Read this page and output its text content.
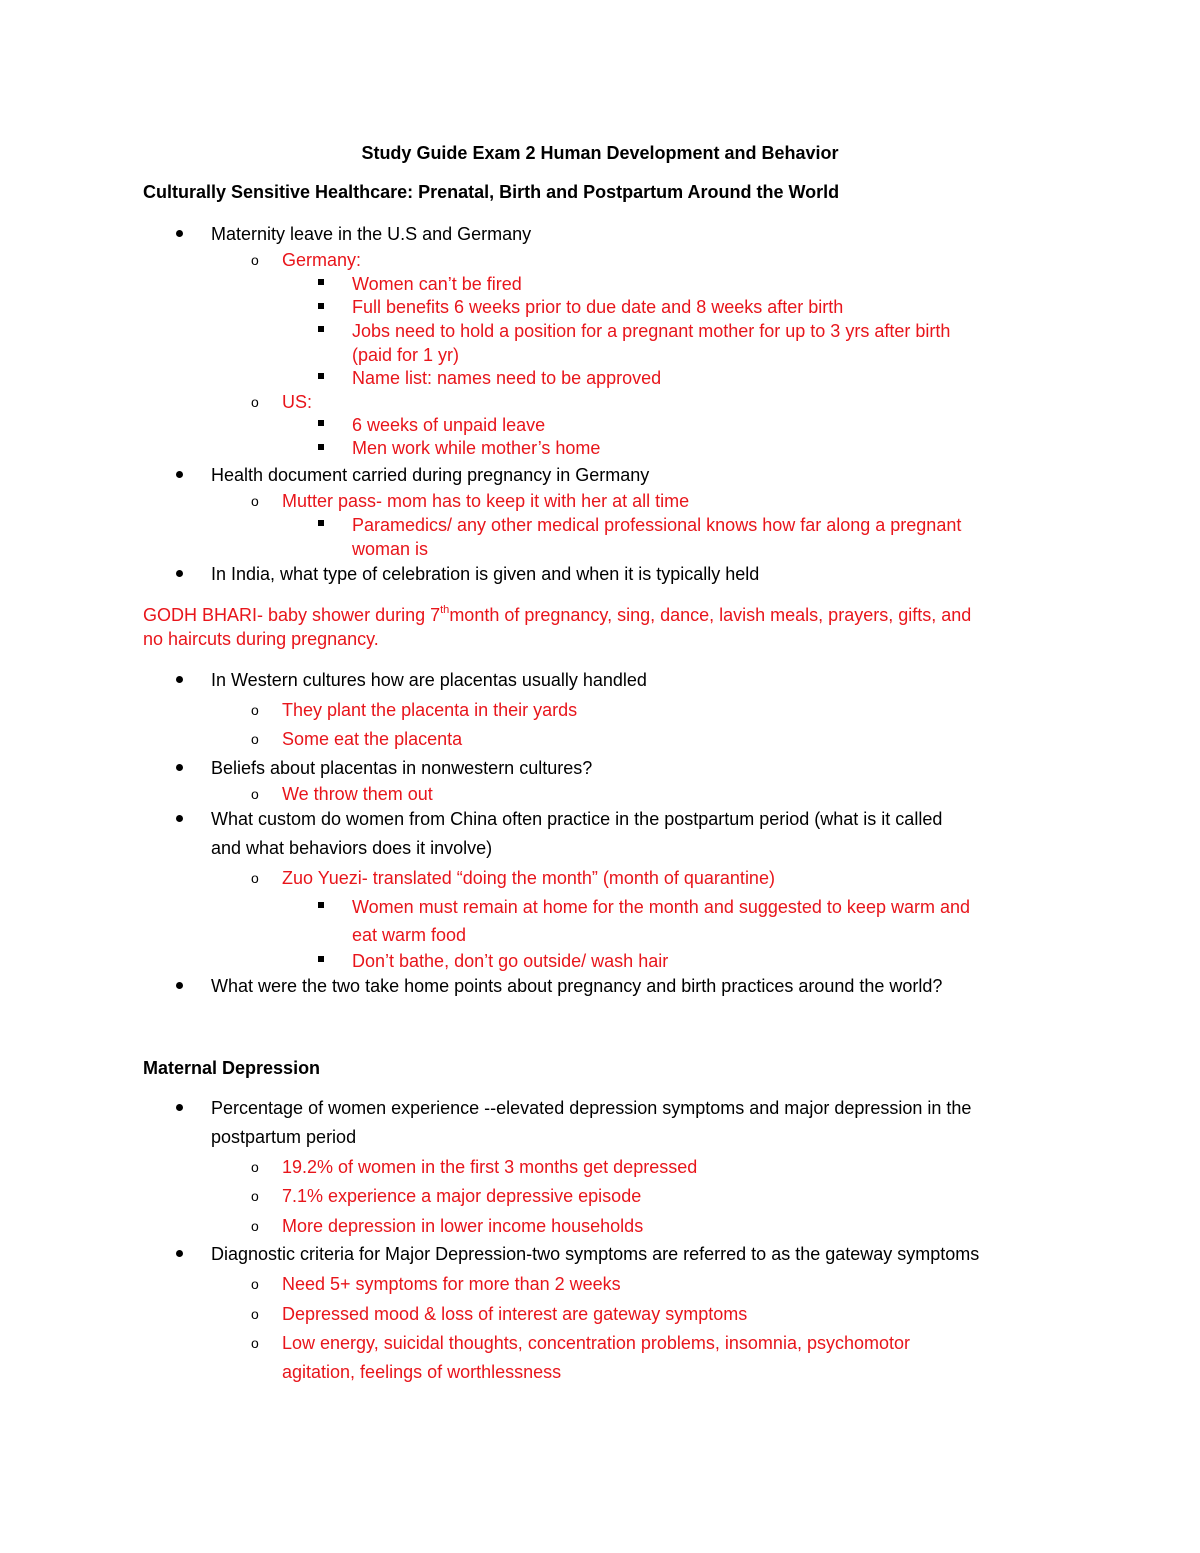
Study Guide Exam 2 Human Development and Behavior
Culturally Sensitive Healthcare: Prenatal, Birth and Postpartum Around the World
Maternity leave in the U.S and Germany
o Germany:
Women can’t be fired
Full benefits 6 weeks prior to due date and 8 weeks after birth
Jobs need to hold a position for a pregnant mother for up to 3 yrs after birth
(paid for 1 yr)
Name list: names need to be approved
o US:
6 weeks of unpaid leave
Men work while mother’s home
Health document carried during pregnancy in Germany
o Mutter pass- mom has to keep it with her at all time
Paramedics/ any other medical professional knows how far along a pregnant
woman is
In India, what type of celebration is given and when it is typically held
GODH BHARI- baby shower during 7thmonth of pregnancy, sing, dance, lavish meals, prayers, gifts, and
no haircuts during pregnancy.
In Western cultures how are placentas usually handled
o They plant the placenta in their yards
o Some eat the placenta
Beliefs about placentas in nonwestern cultures?
o We throw them out
What custom do women from China often practice in the postpartum period (what is it called
and what behaviors does it involve)
o Zuo Yuezi- translated “doing the month” (month of quarantine)
Women must remain at home for the month and suggested to keep warm and
eat warm food
Don’t bathe, don’t go outside/ wash hair
What were the two take home points about pregnancy and birth practices around the world?
Maternal Depression
Percentage of women experience --elevated depression symptoms and major depression in the
postpartum period
o 19.2% of women in the first 3 months get depressed
o 7.1% experience a major depressive episode
o More depression in lower income households
Diagnostic criteria for Major Depression-two symptoms are referred to as the gateway symptoms
o Need 5+ symptoms for more than 2 weeks
o Depressed mood & loss of interest are gateway symptoms
o Low energy, suicidal thoughts, concentration problems, insomnia, psychomotor
agitation, feelings of worthlessness
